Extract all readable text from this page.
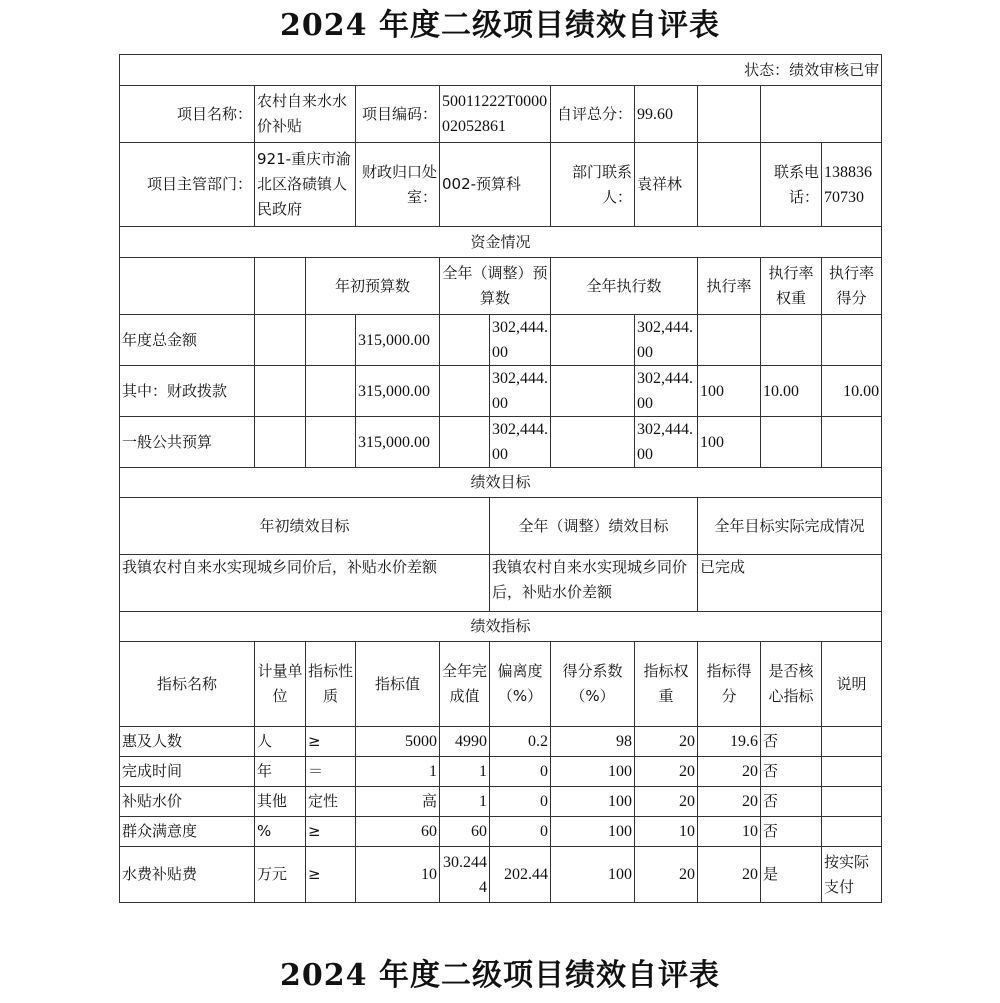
2024 年度二级项目绩效自评表
状态：绩效审核已审										
项目名称：	农村自来水水价补贴		项目编码：	50011222T000002052861		自评总分：	99.60			
项目主管部门：	921-重庆市渝北区洛碛镇人民政府		财政归口处室：	002-预算科		部门联系人：	袁祥林		联系电话：	13883670730
资金情况										
		年初预算数		全年（调整）预算数		全年执行数		执行率	执行率权重	执行率得分
年度总金额			315,000.00		302,444.00		302,444.00			
其中：财政拨款			315,000.00		302,444.00		302,444.00	100	10.00	10.00
一般公共预算			315,000.00		302,444.00		302,444.00	100		
绩效目标										
年初绩效目标					全年（调整）绩效目标			全年目标实际完成情况		
我镇农村自来水实现城乡同价后，补贴水价差额					我镇农村自来水实现城乡同价后，补贴水价差额			已完成		
绩效指标										
指标名称	计量单位	指标性质	指标值	全年完成值	偏离度（%）	得分系数（%）	指标权重	指标得分	是否核心指标	说明
惠及人数	人	≥	5000	4990	0.2	98	20	19.6	否	
完成时间	年	＝	1	1	0	100	20	20	否	
补贴水价	其他	定性	高	1	0	100	20	20	否	
群众满意度	%	≥	60	60	0	100	10	10	否	
水费补贴费	万元	≥	10	30.2444	202.44	100	20	20	是	按实际支付
2024 年度二级项目绩效自评表
